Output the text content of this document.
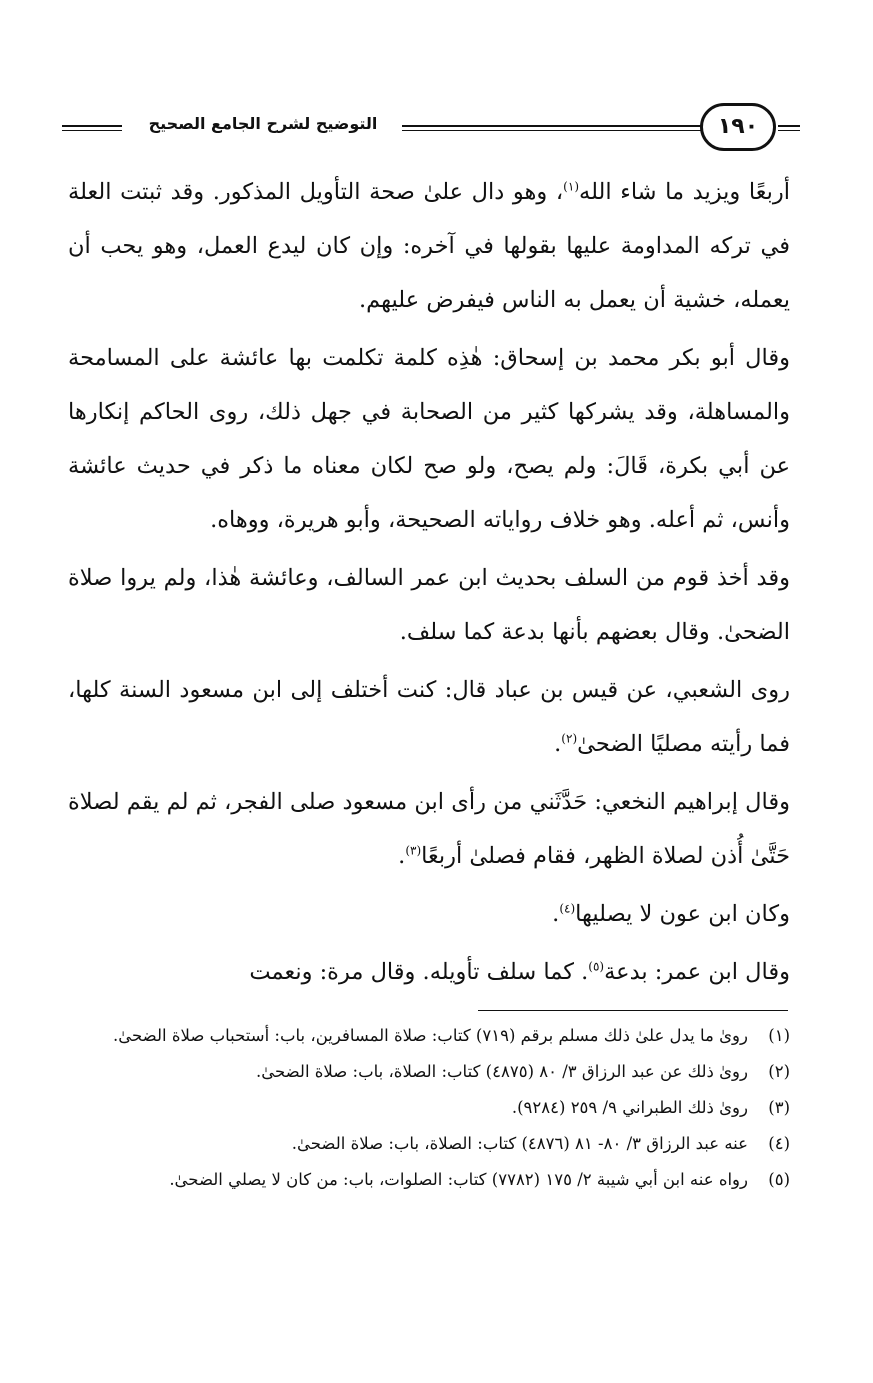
التوضيح لشرح الجامع الصحيح	١٩٠

أربعًا ويزيد ما شاء الله$^{(١)}$، وهو دال علىٰ صحة التأويل المذكور. وقد ثبتت العلة في تركه المداومة عليها بقولها في آخره: وإن كان ليدع العمل، وهو يحب أن يعمله، خشية أن يعمل به الناس فيفرض عليهم.

وقال أبو بكر محمد بن إسحاق: هٰذِه كلمة تكلمت بها عائشة على المسامحة والمساهلة، وقد يشركها كثير من الصحابة في جهل ذلك، روى الحاكم إنكارها عن أبي بكرة، قَالَ: ولم يصح، ولو صح لكان معناه ما ذكر في حديث عائشة وأنس، ثم أعله. وهو خلاف رواياته الصحيحة، وأبو هريرة، ووهاه.

وقد أخذ قوم من السلف بحديث ابن عمر السالف، وعائشة هٰذا، ولم يروا صلاة الضحىٰ. وقال بعضهم بأنها بدعة كما سلف.

روى الشعبي، عن قيس بن عباد قال: كنت أختلف إلى ابن مسعود السنة كلها، فما رأيته مصليًا الضحىٰ$^{(٢)}$.

وقال إبراهيم النخعي: حَدَّثَني من رأى ابن مسعود صلى الفجر، ثم لم يقم لصلاة حَتَّىٰ أُذن لصلاة الظهر، فقام فصلىٰ أربعًا$^{(٣)}$.

وكان ابن عون لا يصليها$^{(٤)}$.

وقال ابن عمر: بدعة$^{(٥)}$. كما سلف تأويله. وقال مرة: ونعمت

(١)
روىٰ ما يدل علىٰ ذلك مسلم برقم (٧١٩) كتاب: صلاة المسافرين، باب: أستحباب صلاة الضحىٰ.
(٢)
روىٰ ذلك عن عبد الرزاق ٣/ ٨٠ (٤٨٧٥) كتاب: الصلاة، باب: صلاة الضحىٰ.
(٣)
روىٰ ذلك الطبراني ٩/ ٢٥٩ (٩٢٨٤).
(٤)
عنه عبد الرزاق ٣/ ٨٠- ٨١ (٤٨٧٦) كتاب: الصلاة، باب: صلاة الضحىٰ.
(٥)
رواه عنه ابن أبي شيبة ٢/ ١٧٥ (٧٧٨٢) كتاب: الصلوات، باب: من كان لا يصلي الضحىٰ.
